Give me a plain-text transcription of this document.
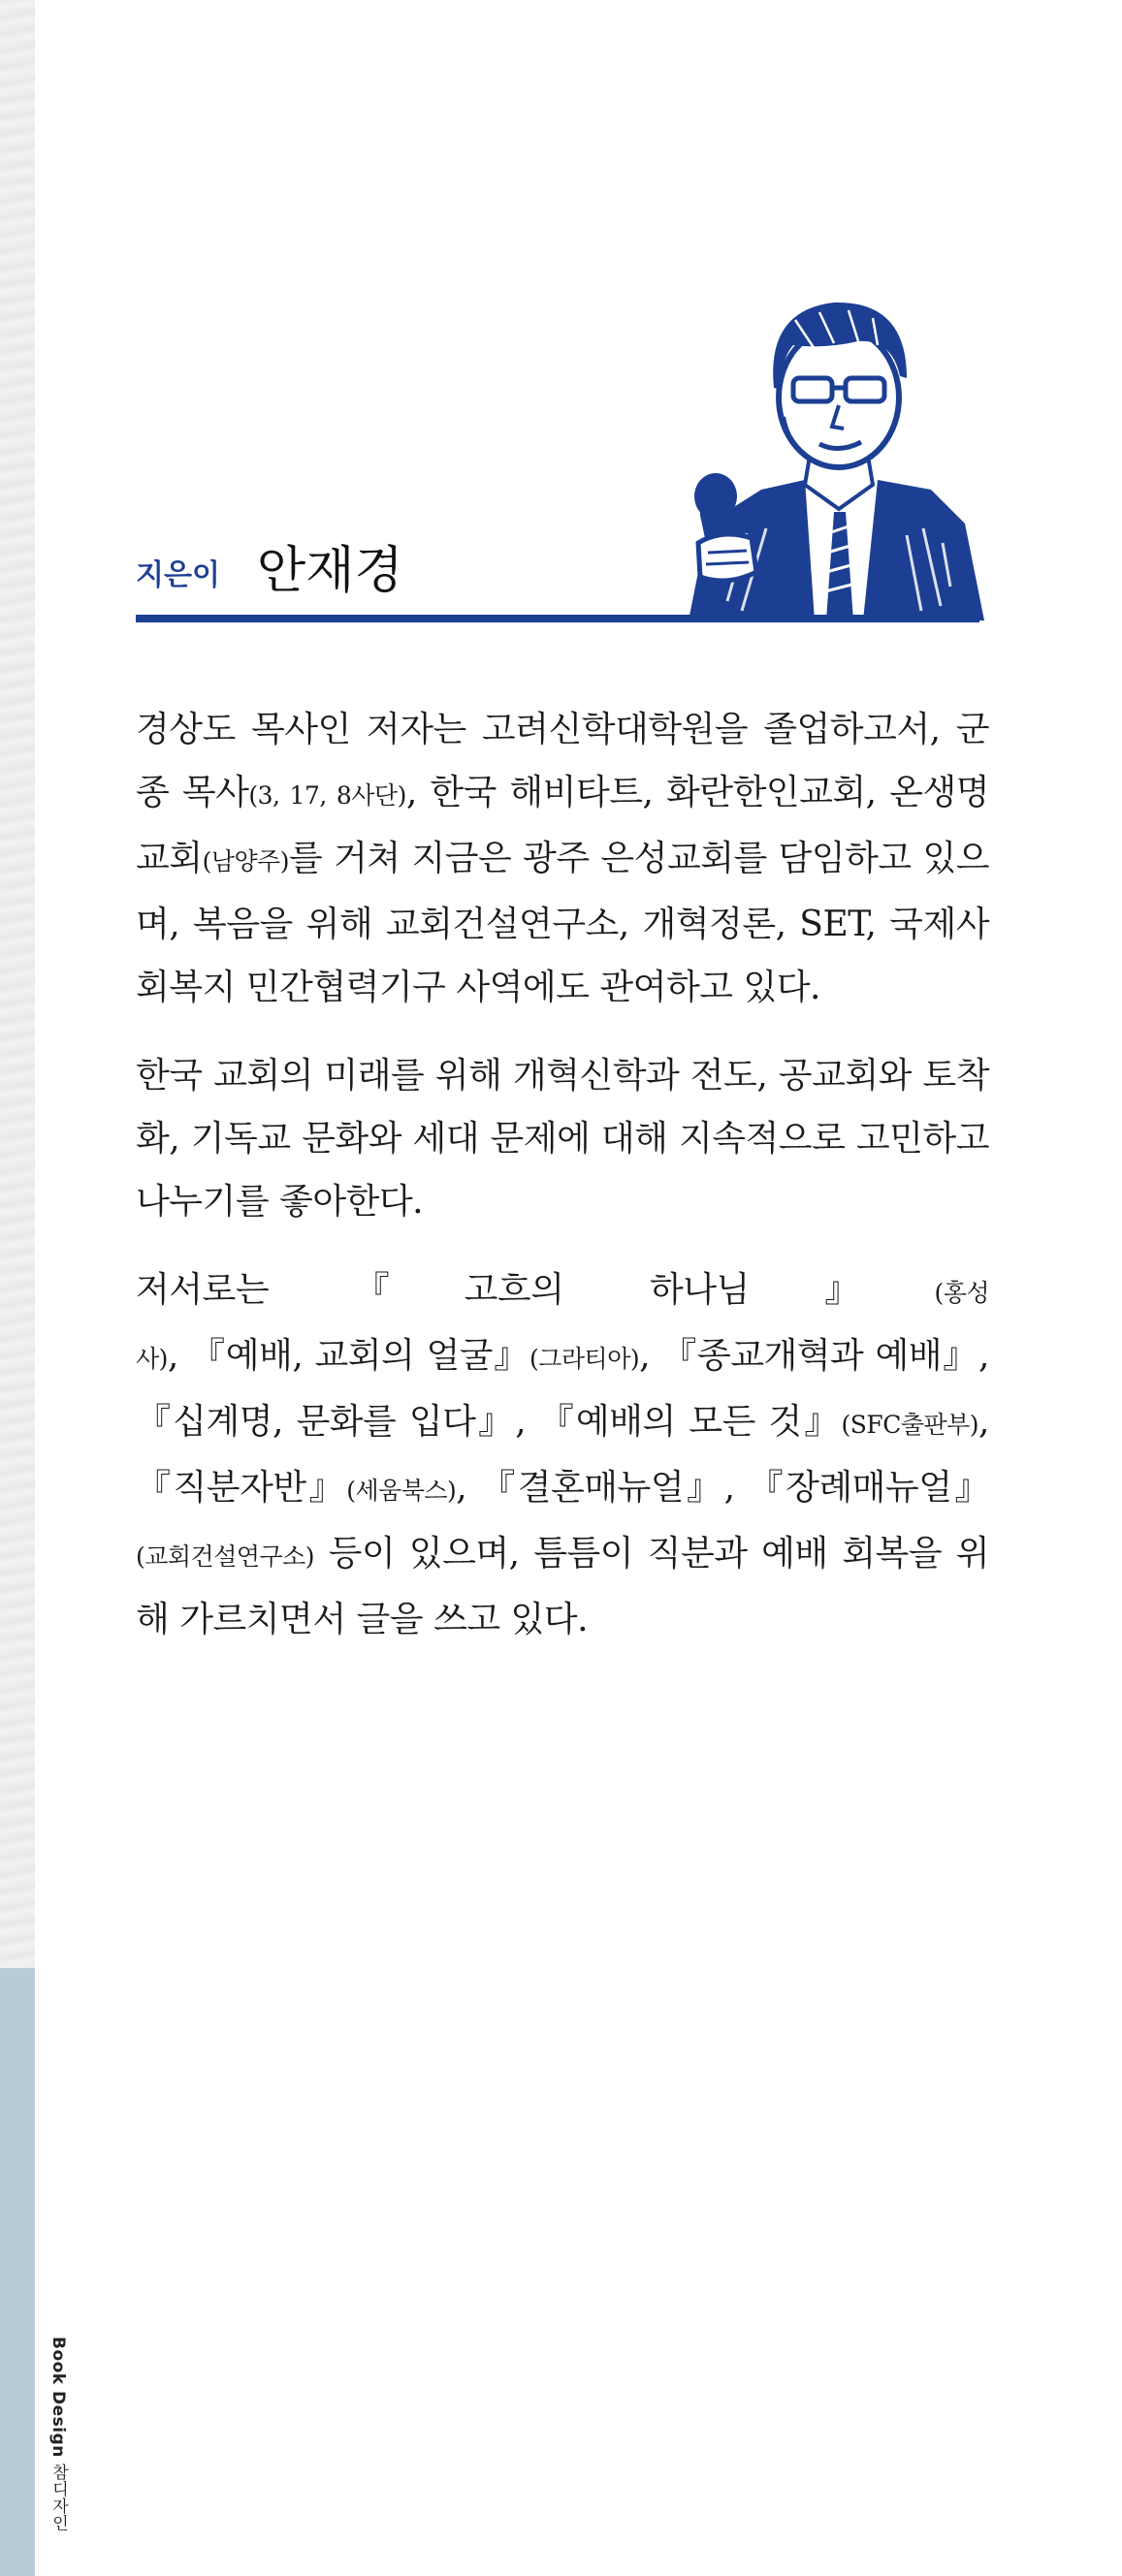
Book Design 참디자인
지은이 안재경

경상도 목사인 저자는 고려신학대학원을 졸업하고서, 군종 목사(3, 17, 8사단), 한국 해비타트, 화란한인교회, 온생명교회(남양주)를 거쳐 지금은 광주 은성교회를 담임하고 있으며, 복음을 위해 교회건설연구소, 개혁정론, SET, 국제사회복지 민간협력기구 사역에도 관여하고 있다.

한국 교회의 미래를 위해 개혁신학과 전도, 공교회와 토착화, 기독교 문화와 세대 문제에 대해 지속적으로 고민하고 나누기를 좋아한다.

저서로는 『고흐의 하나님』(홍성사), 『예배, 교회의 얼굴』(그라티아), 『종교개혁과 예배』, 『십계명, 문화를 입다』, 『예배의 모든 것』(SFC출판부), 『직분자반』(세움북스), 『결혼매뉴얼』, 『장례매뉴얼』(교회건설연구소) 등이 있으며, 틈틈이 직분과 예배 회복을 위해 가르치면서 글을 쓰고 있다.
